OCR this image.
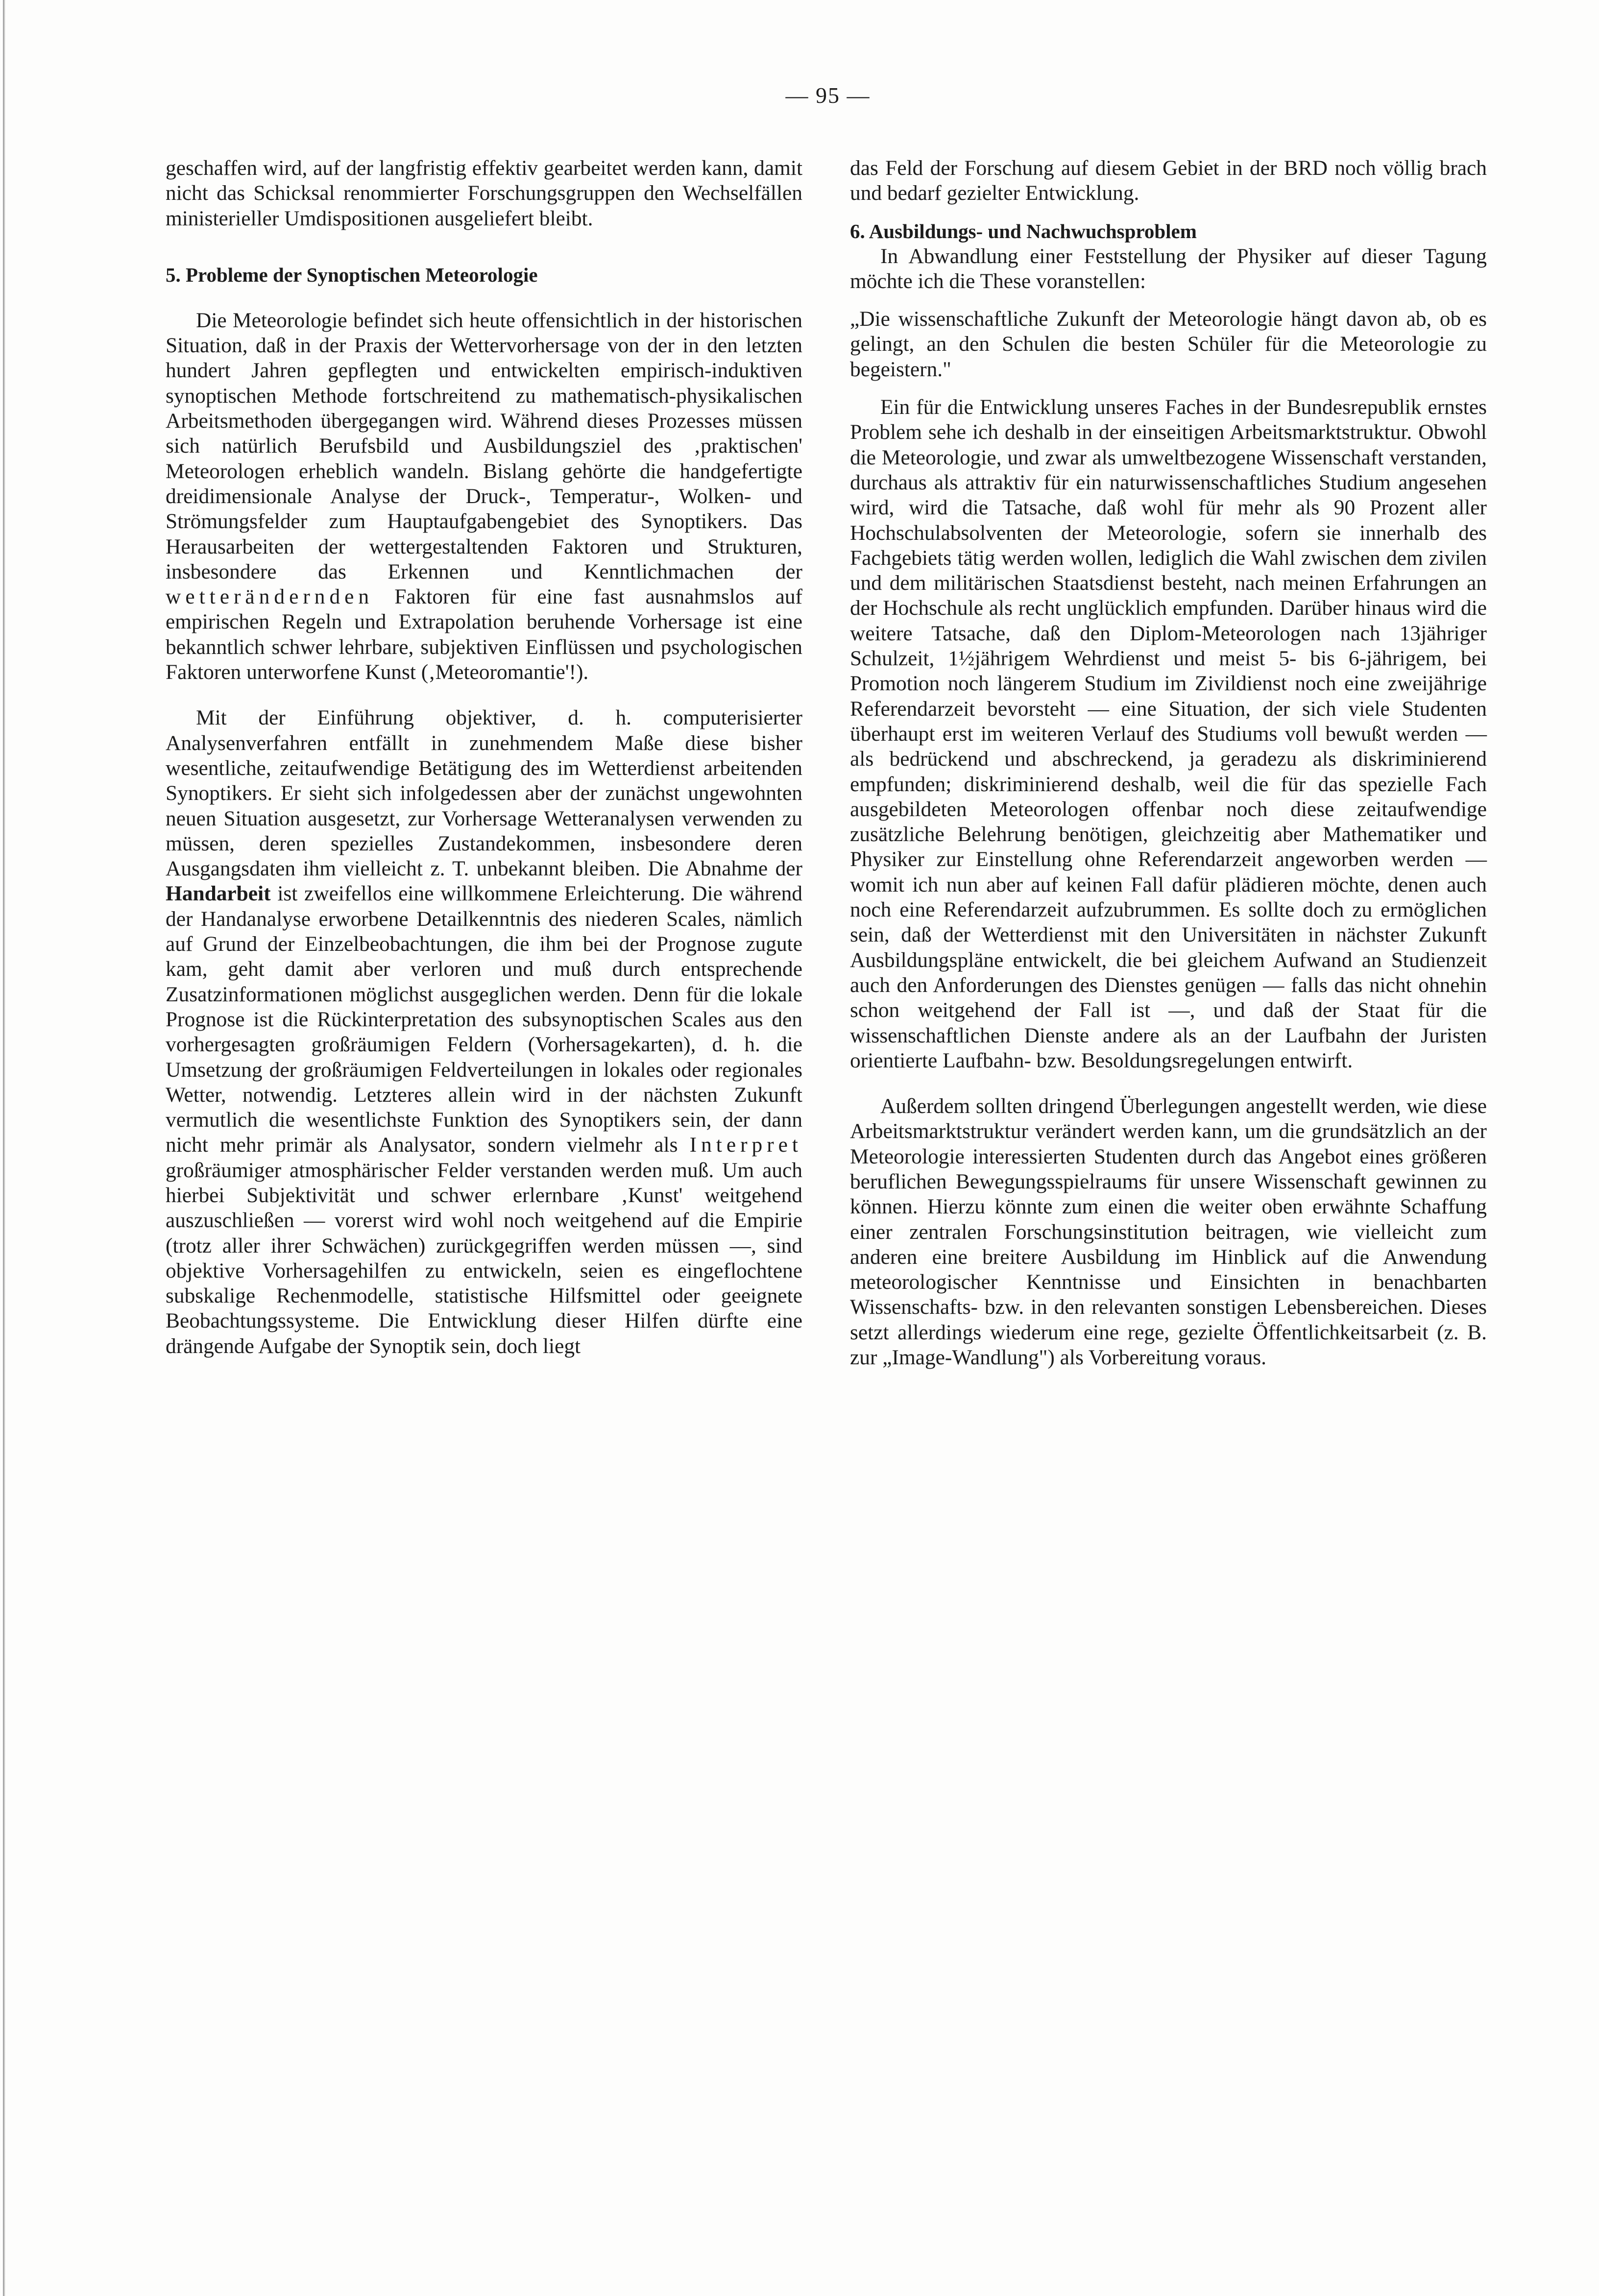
— 95 —

geschaffen wird, auf der langfristig effektiv gearbeitet werden kann, damit nicht das Schicksal renommierter Forschungsgruppen den Wechselfällen ministerieller Umdispositionen ausgeliefert bleibt.

5. Probleme der Synoptischen Meteorologie

Die Meteorologie befindet sich heute offensichtlich in der historischen Situation, daß in der Praxis der Wettervorhersage von der in den letzten hundert Jahren gepflegten und entwickelten empirisch-induktiven synoptischen Methode fortschreitend zu mathematisch-physikalischen Arbeitsmethoden übergegangen wird. Während dieses Prozesses müssen sich natürlich Berufsbild und Ausbildungsziel des ‚praktischen' Meteorologen erheblich wandeln. Bislang gehörte die handgefertigte dreidimensionale Analyse der Druck-, Temperatur-, Wolken- und Strömungsfelder zum Hauptaufgabengebiet des Synoptikers. Das Herausarbeiten der wettergestaltenden Faktoren und Strukturen, insbesondere das Erkennen und Kenntlichmachen der wetterändernden Faktoren für eine fast ausnahmslos auf empirischen Regeln und Extrapolation beruhende Vorhersage ist eine bekanntlich schwer lehrbare, subjektiven Einflüssen und psychologischen Faktoren unterworfene Kunst (‚Meteoromantie'!).

Mit der Einführung objektiver, d. h. computerisierter Analysenverfahren entfällt in zunehmendem Maße diese bisher wesentliche, zeitaufwendige Betätigung des im Wetterdienst arbeitenden Synoptikers. Er sieht sich infolgedessen aber der zunächst ungewohnten neuen Situation ausgesetzt, zur Vorhersage Wetteranalysen verwenden zu müssen, deren spezielles Zustandekommen, insbesondere deren Ausgangsdaten ihm vielleicht z. T. unbekannt bleiben. Die Abnahme der Handarbeit ist zweifellos eine willkommene Erleichterung. Die während der Handanalyse erworbene Detailkenntnis des niederen Scales, nämlich auf Grund der Einzelbeobachtungen, die ihm bei der Prognose zugute kam, geht damit aber verloren und muß durch entsprechende Zusatzinformationen möglichst ausgeglichen werden. Denn für die lokale Prognose ist die Rückinterpretation des subsynoptischen Scales aus den vorhergesagten großräumigen Feldern (Vorhersagekarten), d. h. die Umsetzung der großräumigen Feldverteilungen in lokales oder regionales Wetter, notwendig. Letzteres allein wird in der nächsten Zukunft vermutlich die wesentlichste Funktion des Synoptikers sein, der dann nicht mehr primär als Analysator, sondern vielmehr als Interpret großräumiger atmosphärischer Felder verstanden werden muß. Um auch hierbei Subjektivität und schwer erlernbare ‚Kunst' weitgehend auszuschließen — vorerst wird wohl noch weitgehend auf die Empirie (trotz aller ihrer Schwächen) zurückgegriffen werden müssen —, sind objektive Vorhersagehilfen zu entwickeln, seien es eingeflochtene subskalige Rechenmodelle, statistische Hilfsmittel oder geeignete Beobachtungssysteme. Die Entwicklung dieser Hilfen dürfte eine drängende Aufgabe der Synoptik sein, doch liegt

das Feld der Forschung auf diesem Gebiet in der BRD noch völlig brach und bedarf gezielter Entwicklung.

6. Ausbildungs- und Nachwuchsproblem

In Abwandlung einer Feststellung der Physiker auf dieser Tagung möchte ich die These voranstellen:

„Die wissenschaftliche Zukunft der Meteorologie hängt davon ab, ob es gelingt, an den Schulen die besten Schüler für die Meteorologie zu begeistern."

Ein für die Entwicklung unseres Faches in der Bundesrepublik ernstes Problem sehe ich deshalb in der einseitigen Arbeitsmarktstruktur. Obwohl die Meteorologie, und zwar als umweltbezogene Wissenschaft verstanden, durchaus als attraktiv für ein naturwissenschaftliches Studium angesehen wird, wird die Tatsache, daß wohl für mehr als 90 Prozent aller Hochschulabsolventen der Meteorologie, sofern sie innerhalb des Fachgebiets tätig werden wollen, lediglich die Wahl zwischen dem zivilen und dem militärischen Staatsdienst besteht, nach meinen Erfahrungen an der Hochschule als recht unglücklich empfunden. Darüber hinaus wird die weitere Tatsache, daß den Diplom-Meteorologen nach 13jähriger Schulzeit, 1½jährigem Wehrdienst und meist 5- bis 6-jährigem, bei Promotion noch längerem Studium im Zivildienst noch eine zweijährige Referendarzeit bevorsteht — eine Situation, der sich viele Studenten überhaupt erst im weiteren Verlauf des Studiums voll bewußt werden — als bedrückend und abschreckend, ja geradezu als diskriminierend empfunden; diskriminierend deshalb, weil die für das spezielle Fach ausgebildeten Meteorologen offenbar noch diese zeitaufwendige zusätzliche Belehrung benötigen, gleichzeitig aber Mathematiker und Physiker zur Einstellung ohne Referendarzeit angeworben werden — womit ich nun aber auf keinen Fall dafür plädieren möchte, denen auch noch eine Referendarzeit aufzubrummen. Es sollte doch zu ermöglichen sein, daß der Wetterdienst mit den Universitäten in nächster Zukunft Ausbildungspläne entwickelt, die bei gleichem Aufwand an Studienzeit auch den Anforderungen des Dienstes genügen — falls das nicht ohnehin schon weitgehend der Fall ist —, und daß der Staat für die wissenschaftlichen Dienste andere als an der Laufbahn der Juristen orientierte Laufbahn- bzw. Besoldungsregelungen entwirft.

Außerdem sollten dringend Überlegungen angestellt werden, wie diese Arbeitsmarktstruktur verändert werden kann, um die grundsätzlich an der Meteorologie interessierten Studenten durch das Angebot eines größeren beruflichen Bewegungsspielraums für unsere Wissenschaft gewinnen zu können. Hierzu könnte zum einen die weiter oben erwähnte Schaffung einer zentralen Forschungsinstitution beitragen, wie vielleicht zum anderen eine breitere Ausbildung im Hinblick auf die Anwendung meteorologischer Kenntnisse und Einsichten in benachbarten Wissenschafts- bzw. in den relevanten sonstigen Lebensbereichen. Dieses setzt allerdings wiederum eine rege, gezielte Öffentlichkeitsarbeit (z. B. zur „Image-Wandlung") als Vorbereitung voraus.
